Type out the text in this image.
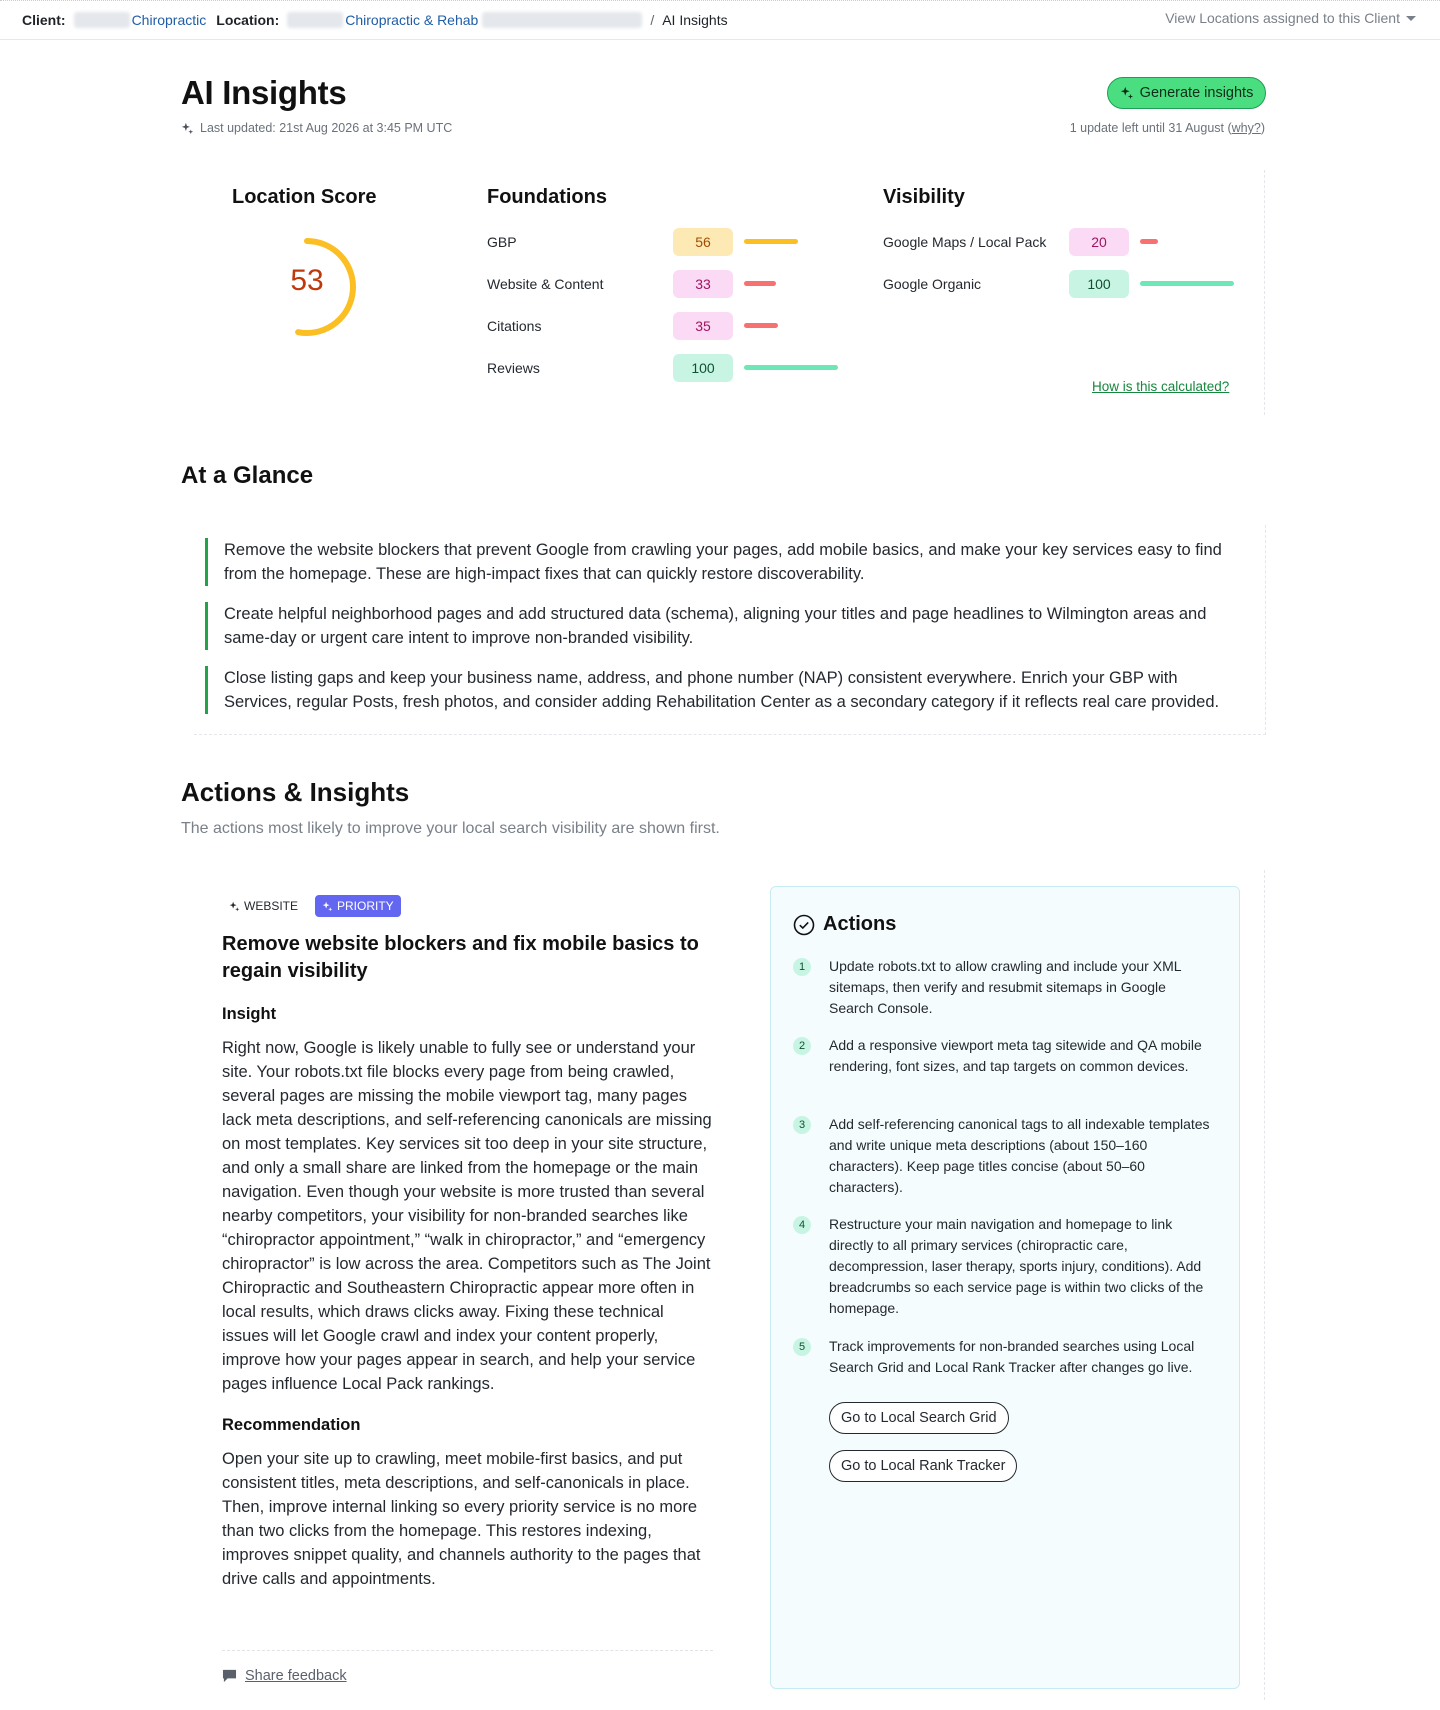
Client:	Chiropractic Location:	Chiropractic & Rehab	/ AI Insights	View Locations assigned to this Client
AI Insights
Last updated: 21st Aug 2026 at 3:45 PM UTC
Generate insights
1 update left until 31 August (why?)
Location Score
53
Foundations
GBP	56
Website & Content	33
Citations	35
Reviews	100
Visibility
Google Maps / Local Pack	20
Google Organic	100
How is this calculated?
At a Glance
Remove the website blockers that prevent Google from crawling your pages, add mobile basics, and make your key services easy to find from the homepage. These are high-impact fixes that can quickly restore discoverability.
Create helpful neighborhood pages and add structured data (schema), aligning your titles and page headlines to Wilmington areas and same-day or urgent care intent to improve non-branded visibility.
Close listing gaps and keep your business name, address, and phone number (NAP) consistent everywhere. Enrich your GBP with Services, regular Posts, fresh photos, and consider adding Rehabilitation Center as a secondary category if it reflects real care provided.
Actions & Insights
The actions most likely to improve your local search visibility are shown first.
WEBSITE	PRIORITY
Remove website blockers and fix mobile basics to regain visibility
Insight
Right now, Google is likely unable to fully see or understand your site. Your robots.txt file blocks every page from being crawled, several pages are missing the mobile viewport tag, many pages lack meta descriptions, and self-referencing canonicals are missing on most templates. Key services sit too deep in your site structure, and only a small share are linked from the homepage or the main navigation. Even though your website is more trusted than several nearby competitors, your visibility for non-branded searches like “chiropractor appointment,” “walk in chiropractor,” and “emergency chiropractor” is low across the area. Competitors such as The Joint Chiropractic and Southeastern Chiropractic appear more often in local results, which draws clicks away. Fixing these technical issues will let Google crawl and index your content properly, improve how your pages appear in search, and help your service pages influence Local Pack rankings.
Recommendation
Open your site up to crawling, meet mobile-first basics, and put consistent titles, meta descriptions, and self-canonicals in place. Then, improve internal linking so every priority service is no more than two clicks from the homepage. This restores indexing, improves snippet quality, and channels authority to the pages that drive calls and appointments.
Share feedback
Actions
1	Update robots.txt to allow crawling and include your XML sitemaps, then verify and resubmit sitemaps in Google Search Console.
2	Add a responsive viewport meta tag sitewide and QA mobile rendering, font sizes, and tap targets on common devices.
3	Add self-referencing canonical tags to all indexable templates and write unique meta descriptions (about 150–160 characters). Keep page titles concise (about 50–60 characters).
4	Restructure your main navigation and homepage to link directly to all primary services (chiropractic care, decompression, laser therapy, sports injury, conditions). Add breadcrumbs so each service page is within two clicks of the homepage.
5	Track improvements for non-branded searches using Local Search Grid and Local Rank Tracker after changes go live.
Go to Local Search Grid
Go to Local Rank Tracker
